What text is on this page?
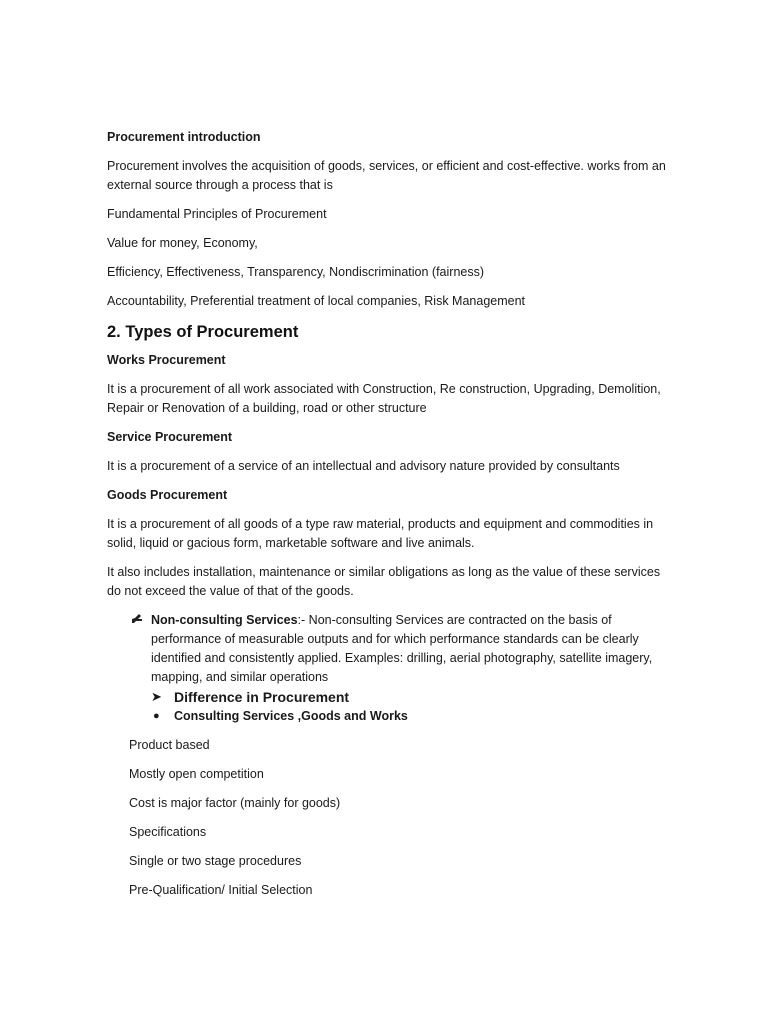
Procurement introduction

Procurement involves the acquisition of goods, services, or efficient and cost-effective. works from an external source through a process that is

Fundamental Principles of Procurement

Value for money, Economy,

Efficiency, Effectiveness, Transparency, Nondiscrimination (fairness)

Accountability, Preferential treatment of local companies, Risk Management

2. Types of Procurement

Works Procurement

It is a procurement of all work associated with Construction, Re construction, Upgrading, Demolition, Repair or Renovation of a building, road or other structure

Service Procurement

It is a procurement of a service of an intellectual and advisory nature provided by consultants

Goods Procurement

It is a procurement of all goods of a type raw material, products and equipment and commodities in solid, liquid or gacious form, marketable software and live animals.

It also includes installation, maintenance or similar obligations as long as the value of these services do not exceed the value of that of the goods.

Non-consulting Services:- Non-consulting Services are contracted on the basis of performance of measurable outputs and for which performance standards can be clearly identified and consistently applied. Examples: drilling, aerial photography, satellite imagery, mapping, and similar operations
➤ Difference in Procurement
● Consulting Services ,Goods and Works

Product based

Mostly open competition

Cost is major factor (mainly for goods)

Specifications

Single or two stage procedures

Pre-Qualification/ Initial Selection
